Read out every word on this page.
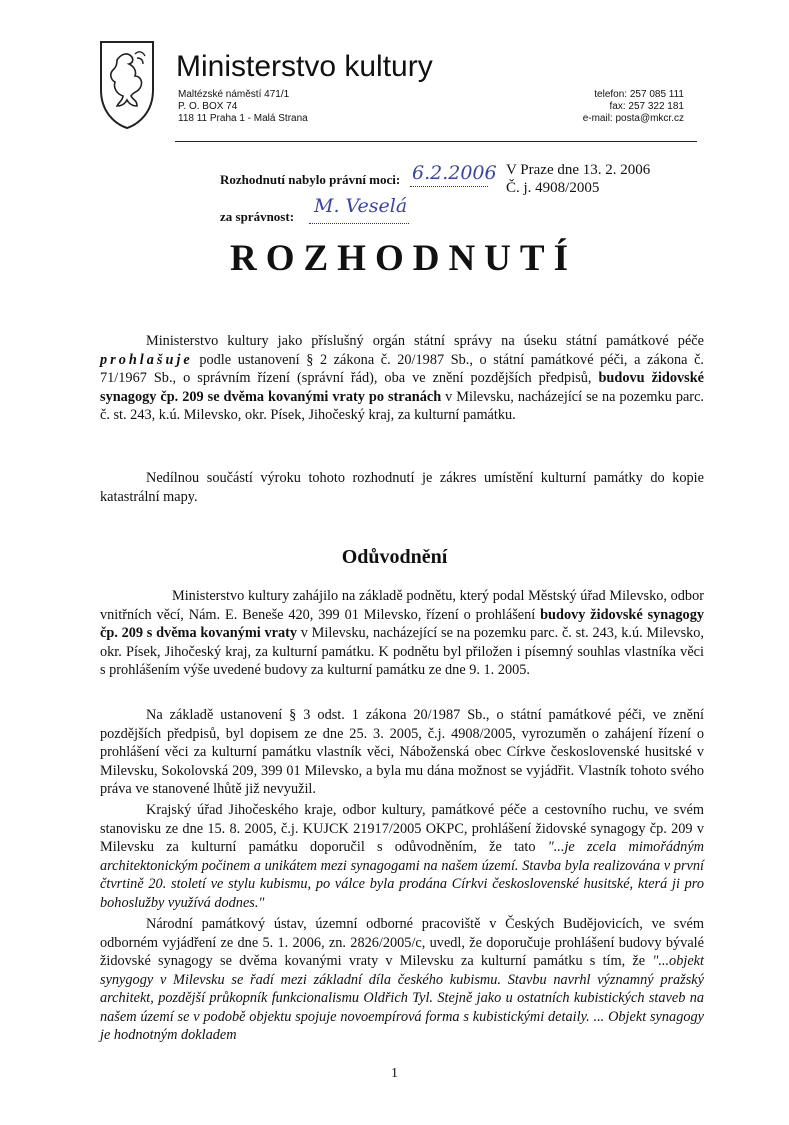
Ministerstvo kultury
Maltézské náměstí 471/1
P. O. BOX 74
118 11 Praha 1 - Malá Strana
telefon: 257 085 111
fax: 257 322 181
e-mail: posta@mkcr.cz
Rozhodnutí nabylo právní moci: 6.2.2006
za správnost: M. Veselá
V Praze dne 13. 2. 2006
Č. j. 4908/2005
ROZHODNUTÍ
Ministerstvo kultury jako příslušný orgán státní správy na úseku státní památkové péče prohlašuje podle ustanovení § 2 zákona č. 20/1987 Sb., o státní památkové péči, a zákona č. 71/1967 Sb., o správním řízení (správní řád), oba ve znění pozdějších předpisů, budovu židovské synagogy čp. 209 se dvěma kovanými vraty po stranách v Milevsku, nacházející se na pozemku parc. č. st. 243, k.ú. Milevsko, okr. Písek, Jihočeský kraj, za kulturní památku.
Nedílnou součástí výroku tohoto rozhodnutí je zákres umístění kulturní památky do kopie katastrální mapy.
Odůvodnění
Ministerstvo kultury zahájilo na základě podnětu, který podal Městský úřad Milevsko, odbor vnitřních věcí, Nám. E. Beneše 420, 399 01 Milevsko, řízení o prohlášení budovy židovské synagogy čp. 209 s dvěma kovanými vraty v Milevsku, nacházející se na pozemku parc. č. st. 243, k.ú. Milevsko, okr. Písek, Jihočeský kraj, za kulturní památku. K podnětu byl přiložen i písemný souhlas vlastníka věci s prohlášením výše uvedené budovy za kulturní památku ze dne 9. 1. 2005.
Na základě ustanovení § 3 odst. 1 zákona 20/1987 Sb., o státní památkové péči, ve znění pozdějších předpisů, byl dopisem ze dne 25. 3. 2005, č.j. 4908/2005, vyrozuměn o zahájení řízení o prohlášení věci za kulturní památku vlastník věci, Náboženská obec Církve československé husitské v Milevsku, Sokolovská 209, 399 01 Milevsko, a byla mu dána možnost se vyjádřit. Vlastník tohoto svého práva ve stanovené lhůtě již nevyužil.
Krajský úřad Jihočeského kraje, odbor kultury, památkové péče a cestovního ruchu, ve svém stanovisku ze dne 15. 8. 2005, č.j. KUJCK 21917/2005 OKPC, prohlášení židovské synagogy čp. 209 v Milevsku za kulturní památku doporučil s odůvodněním, že tato "...je zcela mimořádným architektonickým počinem a unikátem mezi synagogami na našem území. Stavba byla realizována v první čtvrtině 20. století ve stylu kubismu, po válce byla prodána Církvi československé husitské, která ji pro bohoslužby využívá dodnes."
Národní památkový ústav, územní odborné pracoviště v Českých Budějovicích, ve svém odborném vyjádření ze dne 5. 1. 2006, zn. 2826/2005/c, uvedl, že doporučuje prohlášení budovy bývalé židovské synagogy se dvěma kovanými vraty v Milevsku za kulturní památku s tím, že "...objekt synygogy v Milevsku se řadí mezi základní díla českého kubismu. Stavbu navrhl významný pražský architekt, pozdější průkopník funkcionalismu Oldřich Tyl. Stejně jako u ostatních kubistických staveb na našem území se v podobě objektu spojuje novoempírová forma s kubistickými detaily. ... Objekt synagogy je hodnotným dokladem
1
